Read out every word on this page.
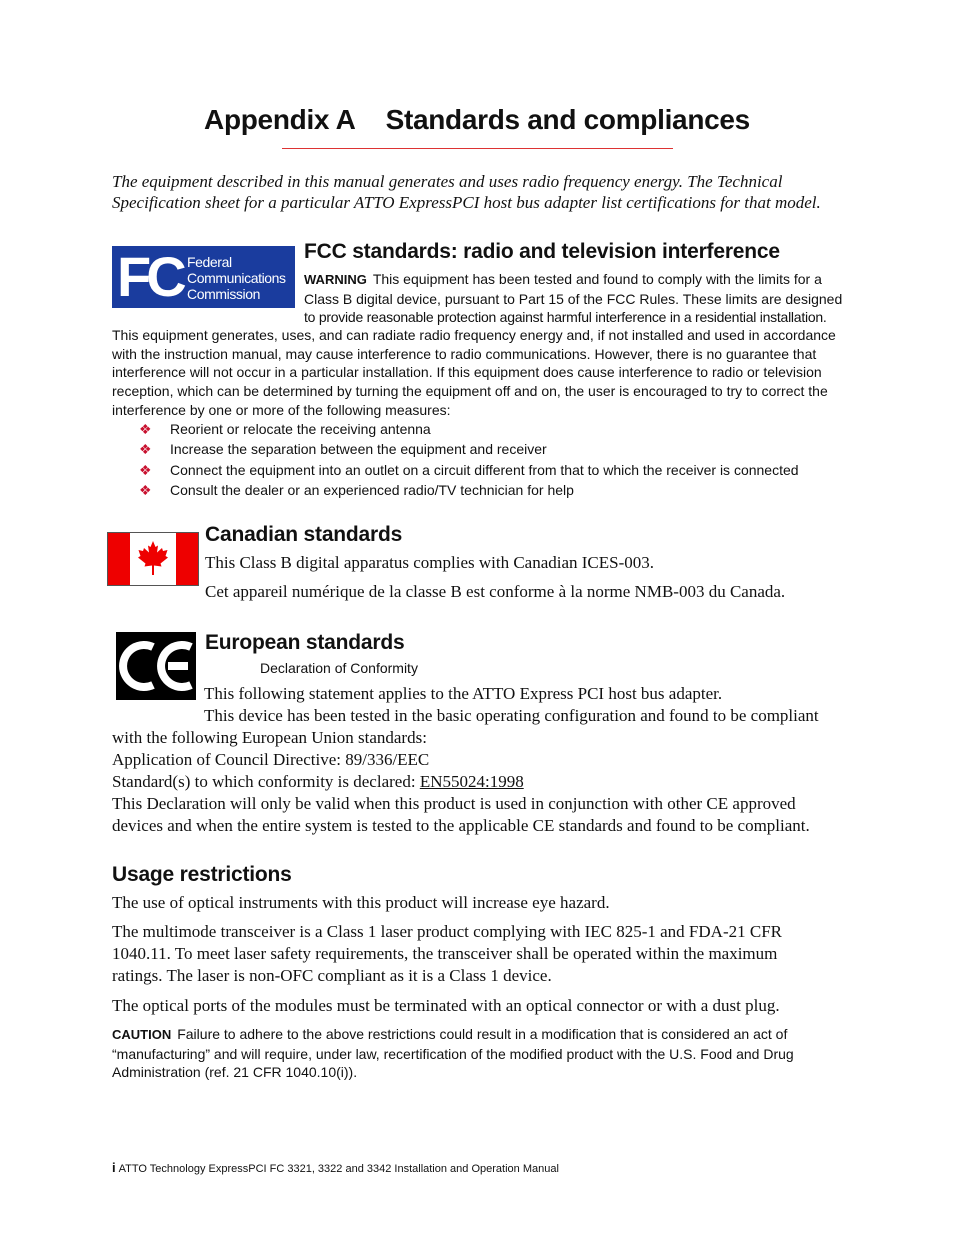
Appendix A Standards and compliances
The equipment described in this manual generates and uses radio frequency energy. The Technical Specification sheet for a particular ATTO ExpressPCI host bus adapter list certifications for that model.
FC Federal
Communications
Commission
FCC standards: radio and television interference
WARNING This equipment has been tested and found to comply with the limits for a
Class B digital device, pursuant to Part 15 of the FCC Rules. These limits are designed
to provide reasonable protection against harmful interference in a residential installation.
This equipment generates, uses, and can radiate radio frequency energy and, if not installed and used in accordance
with the instruction manual, may cause interference to radio communications. However, there is no guarantee that
interference will not occur in a particular installation. If this equipment does cause interference to radio or television
reception, which can be determined by turning the equipment off and on, the user is encouraged to try to correct the
interference by one or more of the following measures:
❖ Reorient or relocate the receiving antenna
❖ Increase the separation between the equipment and receiver
❖ Connect the equipment into an outlet on a circuit different from that to which the receiver is connected
❖ Consult the dealer or an experienced radio/TV technician for help
Canadian standards
This Class B digital apparatus complies with Canadian ICES-003.
Cet appareil numérique de la classe B est conforme à la norme NMB-003 du Canada.
European standards
Declaration of Conformity
This following statement applies to the ATTO Express PCI host bus adapter.
This device has been tested in the basic operating configuration and found to be compliant
with the following European Union standards:
Application of Council Directive: 89/336/EEC
Standard(s) to which conformity is declared: EN55024:1998
This Declaration will only be valid when this product is used in conjunction with other CE approved
devices and when the entire system is tested to the applicable CE standards and found to be compliant.
Usage restrictions
The use of optical instruments with this product will increase eye hazard.
The multimode transceiver is a Class 1 laser product complying with IEC 825-1 and FDA-21 CFR
1040.11. To meet laser safety requirements, the transceiver shall be operated within the maximum
ratings. The laser is non-OFC compliant as it is a Class 1 device.
The optical ports of the modules must be terminated with an optical connector or with a dust plug.
CAUTION Failure to adhere to the above restrictions could result in a modification that is considered an act of
“manufacturing” and will require, under law, recertification of the modified product with the U.S. Food and Drug
Administration (ref. 21 CFR 1040.10(i)).
i ATTO Technology ExpressPCI FC 3321, 3322 and 3342 Installation and Operation Manual
